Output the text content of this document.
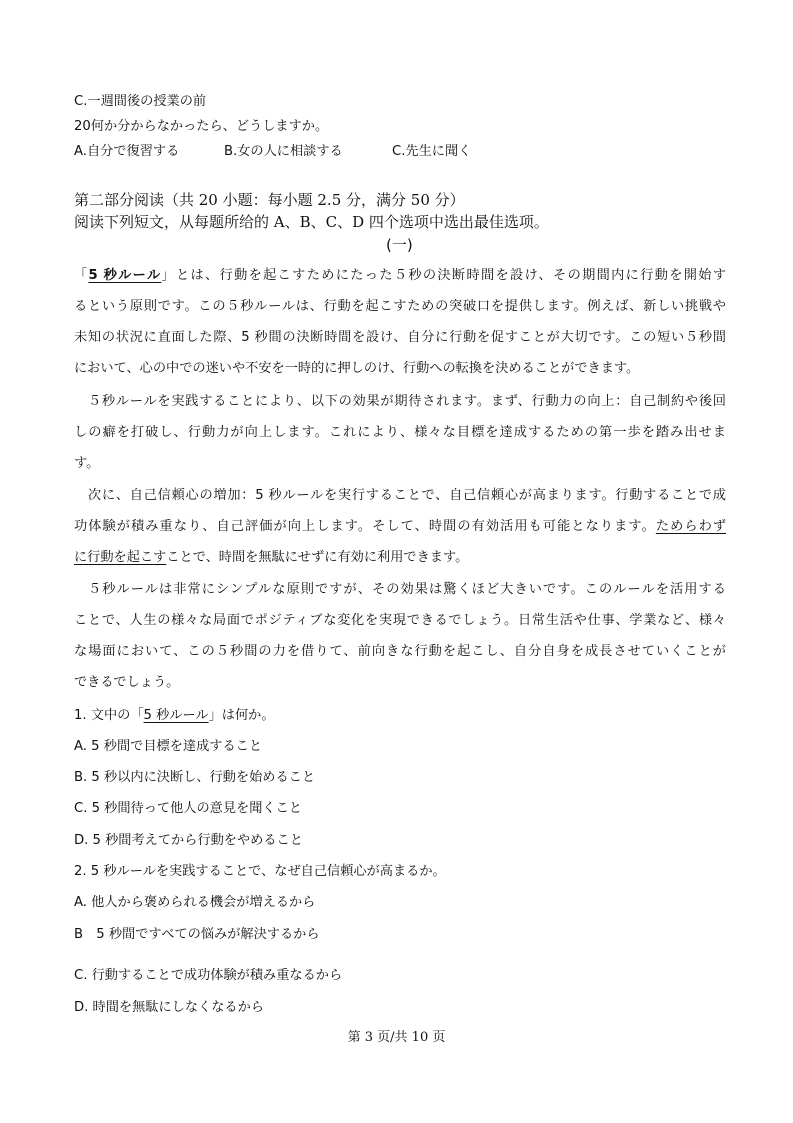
C.一週間後の授業の前
20何か分からなかったら、どうしますか。
A.自分で復習する	B.女の人に相談する	C.先生に聞く
第二部分阅读（共 20 小题：每小题 2.5 分，满分 50 分）
阅读下列短文，从每题所给的 A、B、C、D 四个选项中选出最佳选项。
(一)
「5 秒ルール」とは、行動を起こすためにたった５秒の決断時間を設け、その期間内に行動を開始す
るという原則です。この５秒ルールは、行動を起こすための突破口を提供します。例えば、新しい挑戦や
未知の状況に直面した際、5 秒間の決断時間を設け、自分に行動を促すことが大切です。この短い５秒間
において、心の中での迷いや不安を一時的に押しのけ、行動への転換を決めることができます。
５秒ルールを実践することにより、以下の効果が期待されます。まず、行動力の向上：自己制約や後回
しの癖を打破し、行動力が向上します。これにより、様々な目標を達成するための第一歩を踏み出せま
す。
次に、自己信頼心の増加：5 秒ルールを実行することで、自己信頼心が高まります。行動することで成
功体験が積み重なり、自己評価が向上します。そして、時間の有効活用も可能となります。ためらわず
に行動を起こすことで、時間を無駄にせずに有効に利用できます。
５秒ルールは非常にシンプルな原則ですが、その効果は驚くほど大きいです。このルールを活用する
ことで、人生の様々な局面でポジティブな変化を実現できるでしょう。日常生活や仕事、学業など、様々
な場面において、この５秒間の力を借りて、前向きな行動を起こし、自分自身を成長させていくことが
できるでしょう。
1. 文中の「5 秒ルール」は何か。
A. 5 秒間で目標を達成すること
B. 5 秒以内に決断し、行動を始めること
C. 5 秒間待って他人の意見を聞くこと
D. 5 秒間考えてから行動をやめること
2. 5 秒ルールを実践することで、なぜ自己信頼心が高まるか。
A. 他人から褒められる機会が増えるから
B　5 秒間ですべての悩みが解決するから
C. 行動することで成功体験が積み重なるから
D. 時間を無駄にしなくなるから
第 3 页/共 10 页
